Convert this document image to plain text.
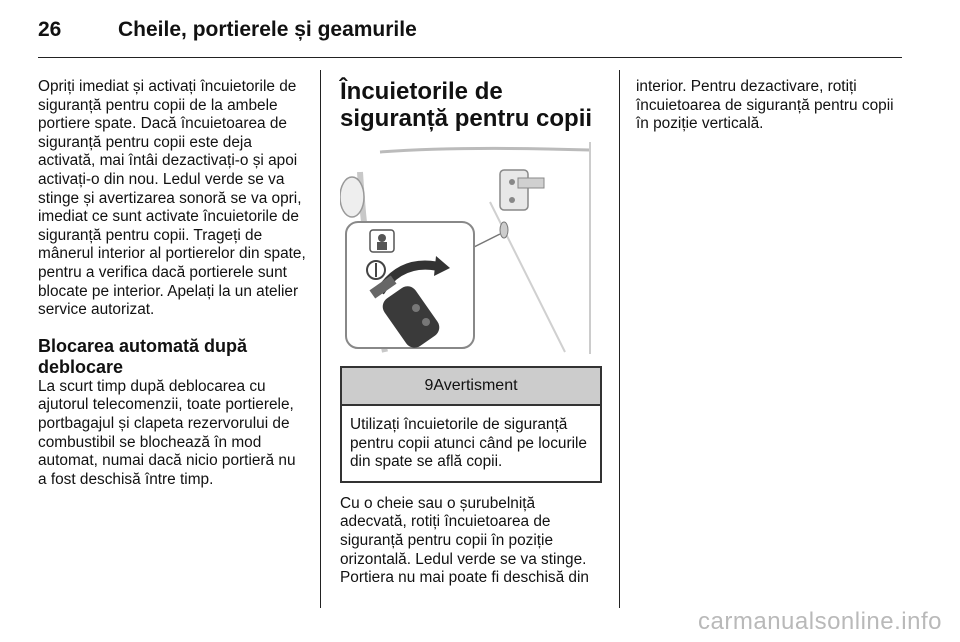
26	Cheile, portierele și geamurile

Opriți imediat și activați încuietorile de siguranță pentru copii de la ambele portiere spate. Dacă încuietoarea de siguranță pentru copii este deja activată, mai întâi dezactivați-o și apoi activați-o din nou. Ledul verde se va stinge și avertizarea sonoră se va opri, imediat ce sunt activate încuietorile de siguranță pentru copii. Trageți de mânerul interior al portierelor din spate, pentru a verifica dacă portierele sunt blocate pe interior. Apelați la un atelier service autorizat.

Blocarea automată după deblocare

La scurt timp după deblocarea cu ajutorul telecomenzii, toate portierele, portbagajul și clapeta rezervorului de combustibil se blochează în mod automat, numai dacă nicio portieră nu a fost deschisă între timp.

Încuietorile de siguranță pentru copii

9 Avertisment
Utilizați încuietorile de siguranță pentru copii atunci când pe locurile din spate se află copii.

Cu o cheie sau o șurubelniță adecvată, rotiți încuietoarea de siguranță pentru copii în poziție orizontală. Ledul verde se va stinge. Portiera nu mai poate fi deschisă din

interior. Pentru dezactivare, rotiți încuietoarea de siguranță pentru copii în poziție verticală.

carmanualsonline.info
